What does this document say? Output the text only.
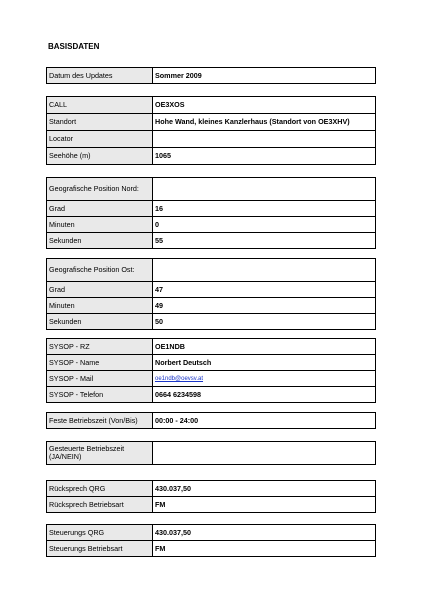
BASISDATEN
Datum des Updates	Sommer 2009
CALL	OE3XOS
Standort	Hohe Wand, kleines Kanzlerhaus (Standort von OE3XHV)
Locator	
Seehöhe (m)	1065
Geografische Position Nord:	
Grad	16
Minuten	0
Sekunden	55
Geografische Position Ost:	
Grad	47
Minuten	49
Sekunden	50
SYSOP - RZ	OE1NDB
SYSOP - Name	Norbert Deutsch
SYSOP - Mail	oe1ndb@oevsv.at
SYSOP - Telefon	0664 6234598
Feste Betriebszeit (Von/Bis)	00:00 - 24:00
Gesteuerte Betriebszeit (JA/NEIN)	
Rücksprech QRG	430.037,50
Rücksprech Betriebsart	FM
Steuerungs QRG	430.037,50
Steuerungs Betriebsart	FM
